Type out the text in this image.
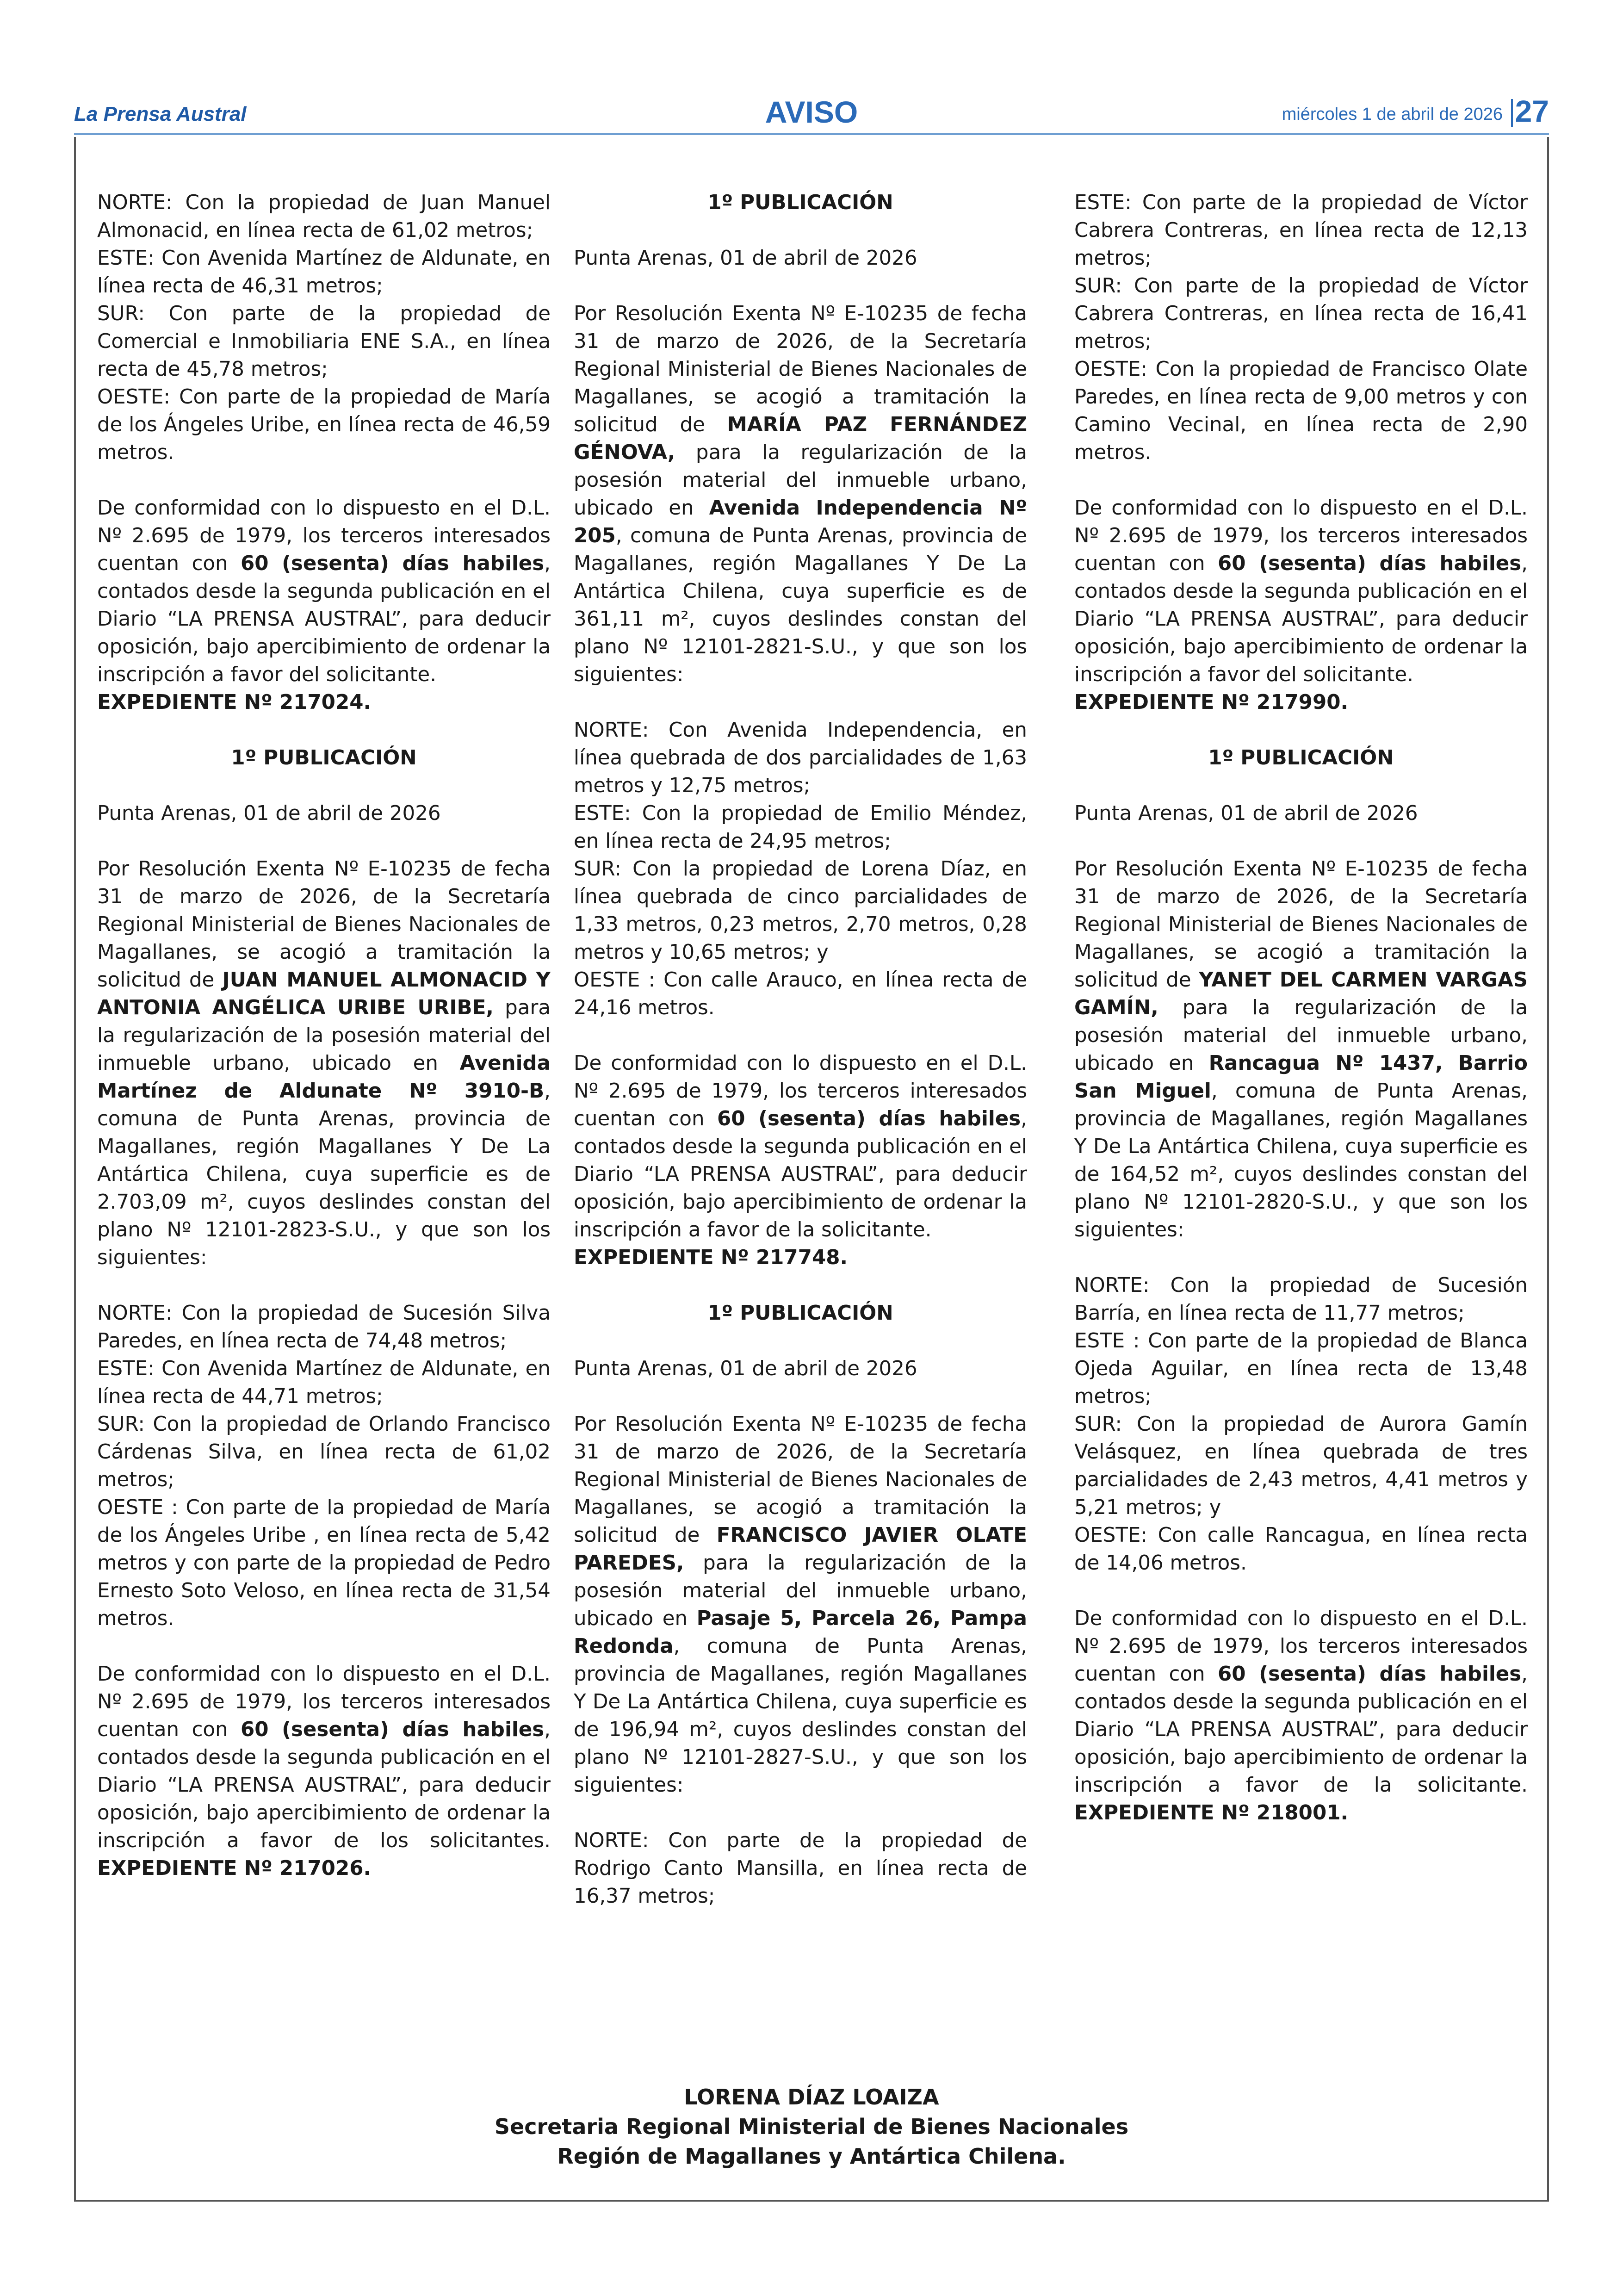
La Prensa Austral	AVISO	miércoles 1 de abril de 2026 27

NORTE: Con la propiedad de Juan Manuel Almonacid, en línea recta de 61,02 metros;

ESTE: Con Avenida Martínez de Aldunate, en línea recta de 46,31 metros;

SUR: Con parte de la propiedad de Comercial e Inmobiliaria ENE S.A., en línea recta de 45,78 metros;

OESTE: Con parte de la propiedad de María de los Ángeles Uribe, en línea recta de 46,59 metros.

De conformidad con lo dispuesto en el D.L. Nº 2.695 de 1979, los terceros interesados cuentan con 60 (sesenta) días habiles, contados desde la segunda publicación en el Diario “LA PRENSA AUSTRAL”, para deducir oposición, bajo apercibimiento de ordenar la inscripción a favor del solicitante.
EXPEDIENTE Nº 217024.

1º PUBLICACIÓN

Punta Arenas, 01 de abril de 2026

Por Resolución Exenta Nº E-10235 de fecha 31 de marzo de 2026, de la Secretaría Regional Ministerial de Bienes Nacionales de Magallanes, se acogió a tramitación la solicitud de JUAN MANUEL ALMONACID Y ANTONIA ANGÉLICA URIBE URIBE, para la regularización de la posesión material del inmueble urbano, ubicado en Avenida Martínez de Aldunate Nº 3910-B, comuna de Punta Arenas, provincia de Magallanes, región Magallanes Y De La Antártica Chilena, cuya superficie es de 2.703,09 m², cuyos deslindes constan del plano Nº 12101-2823-S.U., y que son los siguientes:

NORTE: Con la propiedad de Sucesión Silva Paredes, en línea recta de 74,48 metros;

ESTE: Con Avenida Martínez de Aldunate, en línea recta de 44,71 metros;

SUR: Con la propiedad de Orlando Francisco Cárdenas Silva, en línea recta de 61,02 metros;

OESTE : Con parte de la propiedad de María de los Ángeles Uribe , en línea recta de 5,42 metros y con parte de la propiedad de Pedro Ernesto Soto Veloso, en línea recta de 31,54 metros.

De conformidad con lo dispuesto en el D.L. Nº 2.695 de 1979, los terceros interesados cuentan con 60 (sesenta) días habiles, contados desde la segunda publicación en el Diario “LA PRENSA AUSTRAL”, para deducir oposición, bajo apercibimiento de ordenar la inscripción a favor de los solicitantes. EXPEDIENTE Nº 217026.

1º PUBLICACIÓN

Punta Arenas, 01 de abril de 2026

Por Resolución Exenta Nº E-10235 de fecha 31 de marzo de 2026, de la Secretaría Regional Ministerial de Bienes Nacionales de Magallanes, se acogió a tramitación la solicitud de MARÍA PAZ FERNÁNDEZ GÉNOVA, para la regularización de la posesión material del inmueble urbano, ubicado en Avenida Independencia Nº 205, comuna de Punta Arenas, provincia de Magallanes, región Magallanes Y De La Antártica Chilena, cuya superficie es de 361,11 m², cuyos deslindes constan del plano Nº 12101-2821-S.U., y que son los siguientes:

NORTE: Con Avenida Independencia, en línea quebrada de dos parcialidades de 1,63 metros y 12,75 metros;

ESTE: Con la propiedad de Emilio Méndez, en línea recta de 24,95 metros;

SUR: Con la propiedad de Lorena Díaz, en línea quebrada de cinco parcialidades de 1,33 metros, 0,23 metros, 2,70 metros, 0,28 metros y 10,65 metros; y

OESTE : Con calle Arauco, en línea recta de 24,16 metros.

De conformidad con lo dispuesto en el D.L. Nº 2.695 de 1979, los terceros interesados cuentan con 60 (sesenta) días habiles, contados desde la segunda publicación en el Diario “LA PRENSA AUSTRAL”, para deducir oposición, bajo apercibimiento de ordenar la inscripción a favor de la solicitante.
EXPEDIENTE Nº 217748.

1º PUBLICACIÓN

Punta Arenas, 01 de abril de 2026

Por Resolución Exenta Nº E-10235 de fecha 31 de marzo de 2026, de la Secretaría Regional Ministerial de Bienes Nacionales de Magallanes, se acogió a tramitación la solicitud de FRANCISCO JAVIER OLATE PAREDES, para la regularización de la posesión material del inmueble urbano, ubicado en Pasaje 5, Parcela 26, Pampa Redonda, comuna de Punta Arenas, provincia de Magallanes, región Magallanes Y De La Antártica Chilena, cuya superficie es de 196,94 m², cuyos deslindes constan del plano Nº 12101-2827-S.U., y que son los siguientes:

NORTE: Con parte de la propiedad de Rodrigo Canto Mansilla, en línea recta de 16,37 metros;

ESTE: Con parte de la propiedad de Víctor Cabrera Contreras, en línea recta de 12,13 metros;

SUR: Con parte de la propiedad de Víctor Cabrera Contreras, en línea recta de 16,41 metros;

OESTE: Con la propiedad de Francisco Olate Paredes, en línea recta de 9,00 metros y con Camino Vecinal, en línea recta de 2,90 metros.

De conformidad con lo dispuesto en el D.L. Nº 2.695 de 1979, los terceros interesados cuentan con 60 (sesenta) días habiles, contados desde la segunda publicación en el Diario “LA PRENSA AUSTRAL”, para deducir oposición, bajo apercibimiento de ordenar la inscripción a favor del solicitante.
EXPEDIENTE Nº 217990.

1º PUBLICACIÓN

Punta Arenas, 01 de abril de 2026

Por Resolución Exenta Nº E-10235 de fecha 31 de marzo de 2026, de la Secretaría Regional Ministerial de Bienes Nacionales de Magallanes, se acogió a tramitación la solicitud de YANET DEL CARMEN VARGAS GAMÍN, para la regularización de la posesión material del inmueble urbano, ubicado en Rancagua Nº 1437, Barrio San Miguel, comuna de Punta Arenas, provincia de Magallanes, región Magallanes Y De La Antártica Chilena, cuya superficie es de 164,52 m², cuyos deslindes constan del plano Nº 12101-2820-S.U., y que son los siguientes:

NORTE: Con la propiedad de Sucesión Barría, en línea recta de 11,77 metros;

ESTE : Con parte de la propiedad de Blanca Ojeda Aguilar, en línea recta de 13,48 metros;

SUR: Con la propiedad de Aurora Gamín Velásquez, en línea quebrada de tres parcialidades de 2,43 metros, 4,41 metros y 5,21 metros; y

OESTE: Con calle Rancagua, en línea recta de 14,06 metros.

De conformidad con lo dispuesto en el D.L. Nº 2.695 de 1979, los terceros interesados cuentan con 60 (sesenta) días habiles, contados desde la segunda publicación en el Diario “LA PRENSA AUSTRAL”, para deducir oposición, bajo apercibimiento de ordenar la inscripción a favor de la solicitante. EXPEDIENTE Nº 218001.

LORENA DÍAZ LOAIZA
Secretaria Regional Ministerial de Bienes Nacionales
Región de Magallanes y Antártica Chilena.
